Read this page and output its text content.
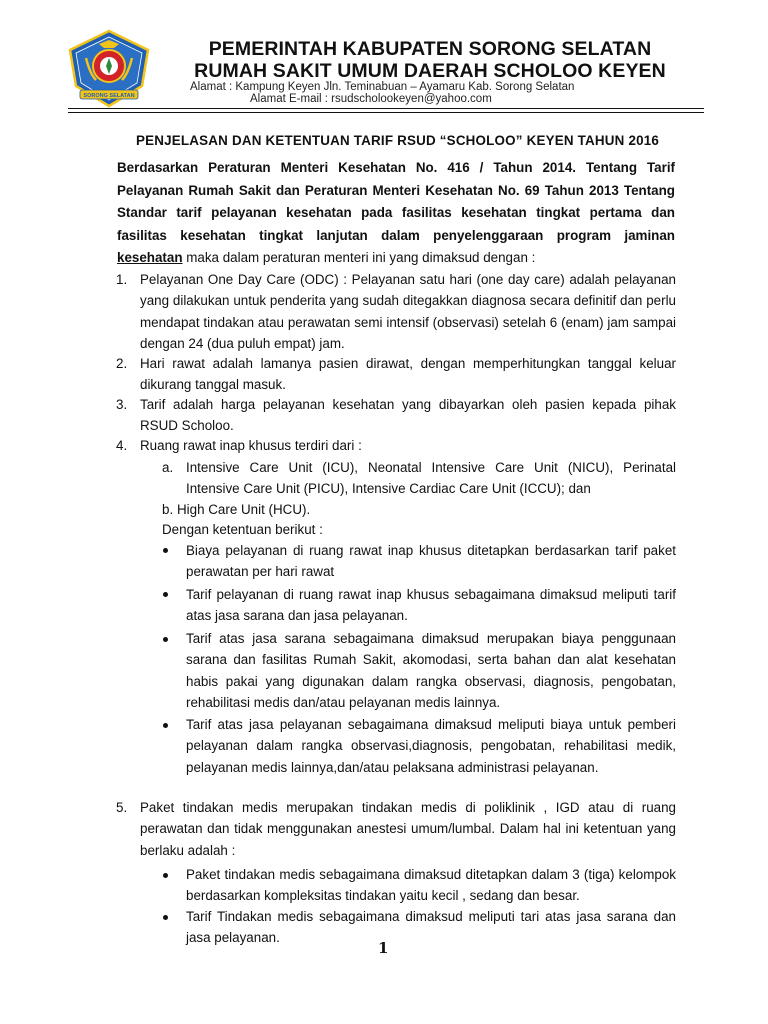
SORONG SELATAN
PEMERINTAH KABUPATEN SORONG SELATAN
RUMAH SAKIT UMUM DAERAH SCHOLOO KEYEN
Alamat : Kampung Keyen Jln. Teminabuan – Ayamaru Kab. Sorong Selatan
Alamat E-mail : rsudscholookeyen@yahoo.com
PENJELASAN DAN KETENTUAN TARIF RSUD “SCHOLOO” KEYEN TAHUN 2016

Berdasarkan Peraturan Menteri Kesehatan No. 416 / Tahun 2014. Tentang Tarif Pelayanan Rumah Sakit dan Peraturan Menteri Kesehatan No. 69 Tahun 2013 Tentang Standar tarif pelayanan kesehatan pada fasilitas kesehatan tingkat pertama dan fasilitas kesehatan tingkat lanjutan dalam penyelenggaraan program jaminan kesehatan maka dalam peraturan menteri ini yang dimaksud dengan :

1. Pelayanan One Day Care (ODC) : Pelayanan satu hari (one day care) adalah pelayanan yang dilakukan untuk penderita yang sudah ditegakkan diagnosa secara definitif dan perlu mendapat tindakan atau perawatan semi intensif (observasi) setelah 6 (enam) jam sampai dengan 24 (dua puluh empat) jam.

2. Hari rawat adalah lamanya pasien dirawat, dengan memperhitungkan tanggal keluar dikurang tanggal masuk.

3. Tarif adalah harga pelayanan kesehatan yang dibayarkan oleh pasien kepada pihak RSUD Scholoo.

4. Ruang rawat inap khusus terdiri dari :

a. Intensive Care Unit (ICU), Neonatal Intensive Care Unit (NICU), Perinatal Intensive Care Unit (PICU), Intensive Cardiac Care Unit (ICCU); dan

b. High Care Unit (HCU).

Dengan ketentuan berikut :

Biaya pelayanan di ruang rawat inap khusus ditetapkan berdasarkan tarif paket perawatan per hari rawat

Tarif pelayanan di ruang rawat inap khusus sebagaimana dimaksud meliputi tarif atas jasa sarana dan jasa pelayanan.

Tarif atas jasa sarana sebagaimana dimaksud merupakan biaya penggunaan sarana dan fasilitas Rumah Sakit, akomodasi, serta bahan dan alat kesehatan habis pakai yang digunakan dalam rangka observasi, diagnosis, pengobatan, rehabilitasi medis dan/atau pelayanan medis lainnya.

Tarif atas jasa pelayanan sebagaimana dimaksud meliputi biaya untuk pemberi pelayanan dalam rangka observasi,diagnosis, pengobatan, rehabilitasi medik, pelayanan medis lainnya,dan/atau pelaksana administrasi pelayanan.

5. Paket tindakan medis merupakan tindakan medis di poliklinik , IGD atau di ruang perawatan dan tidak menggunakan anestesi umum/lumbal. Dalam hal ini ketentuan yang berlaku adalah :

Paket tindakan medis sebagaimana dimaksud ditetapkan dalam 3 (tiga) kelompok berdasarkan kompleksitas tindakan yaitu kecil , sedang dan besar.

Tarif Tindakan medis sebagaimana dimaksud meliputi tari atas jasa sarana dan jasa pelayanan.

1
